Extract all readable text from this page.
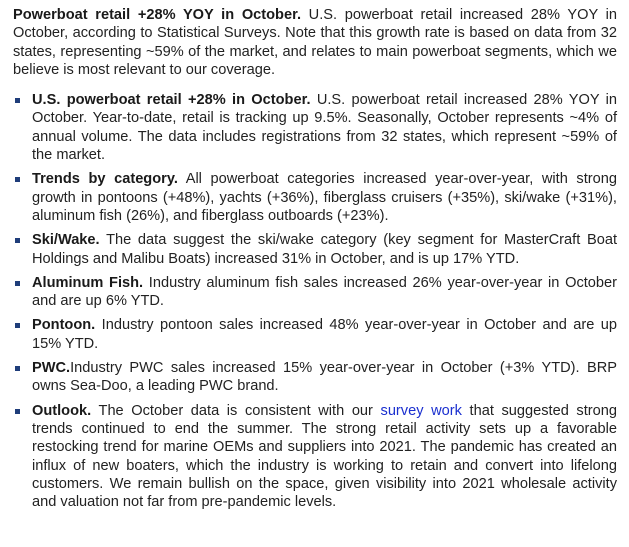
Powerboat retail +28% YOY in October. U.S. powerboat retail increased 28% YOY in October, according to Statistical Surveys. Note that this growth rate is based on data from 32 states, representing ~59% of the market, and relates to main powerboat segments, which we believe is most relevant to our coverage.

U.S. powerboat retail +28% in October. U.S. powerboat retail increased 28% YOY in October. Year-to-date, retail is tracking up 9.5%. Seasonally, October represents ~4% of annual volume. The data includes registrations from 32 states, which represent ~59% of the market.
Trends by category. All powerboat categories increased year-over-year, with strong growth in pontoons (+48%), yachts (+36%), fiberglass cruisers (+35%), ski/wake (+31%), aluminum fish (26%), and fiberglass outboards (+23%).
Ski/Wake. The data suggest the ski/wake category (key segment for MasterCraft Boat Holdings and Malibu Boats) increased 31% in October, and is up 17% YTD.
Aluminum Fish. Industry aluminum fish sales increased 26% year-over-year in October and are up 6% YTD.
Pontoon. Industry pontoon sales increased 48% year-over-year in October and are up 15% YTD.
PWC.Industry PWC sales increased 15% year-over-year in October (+3% YTD). BRP owns Sea-Doo, a leading PWC brand.
Outlook. The October data is consistent with our survey work that suggested strong trends continued to end the summer. The strong retail activity sets up a favorable restocking trend for marine OEMs and suppliers into 2021. The pandemic has created an influx of new boaters, which the industry is working to retain and convert into lifelong customers. We remain bullish on the space, given visibility into 2021 wholesale activity and valuation not far from pre-pandemic levels.
